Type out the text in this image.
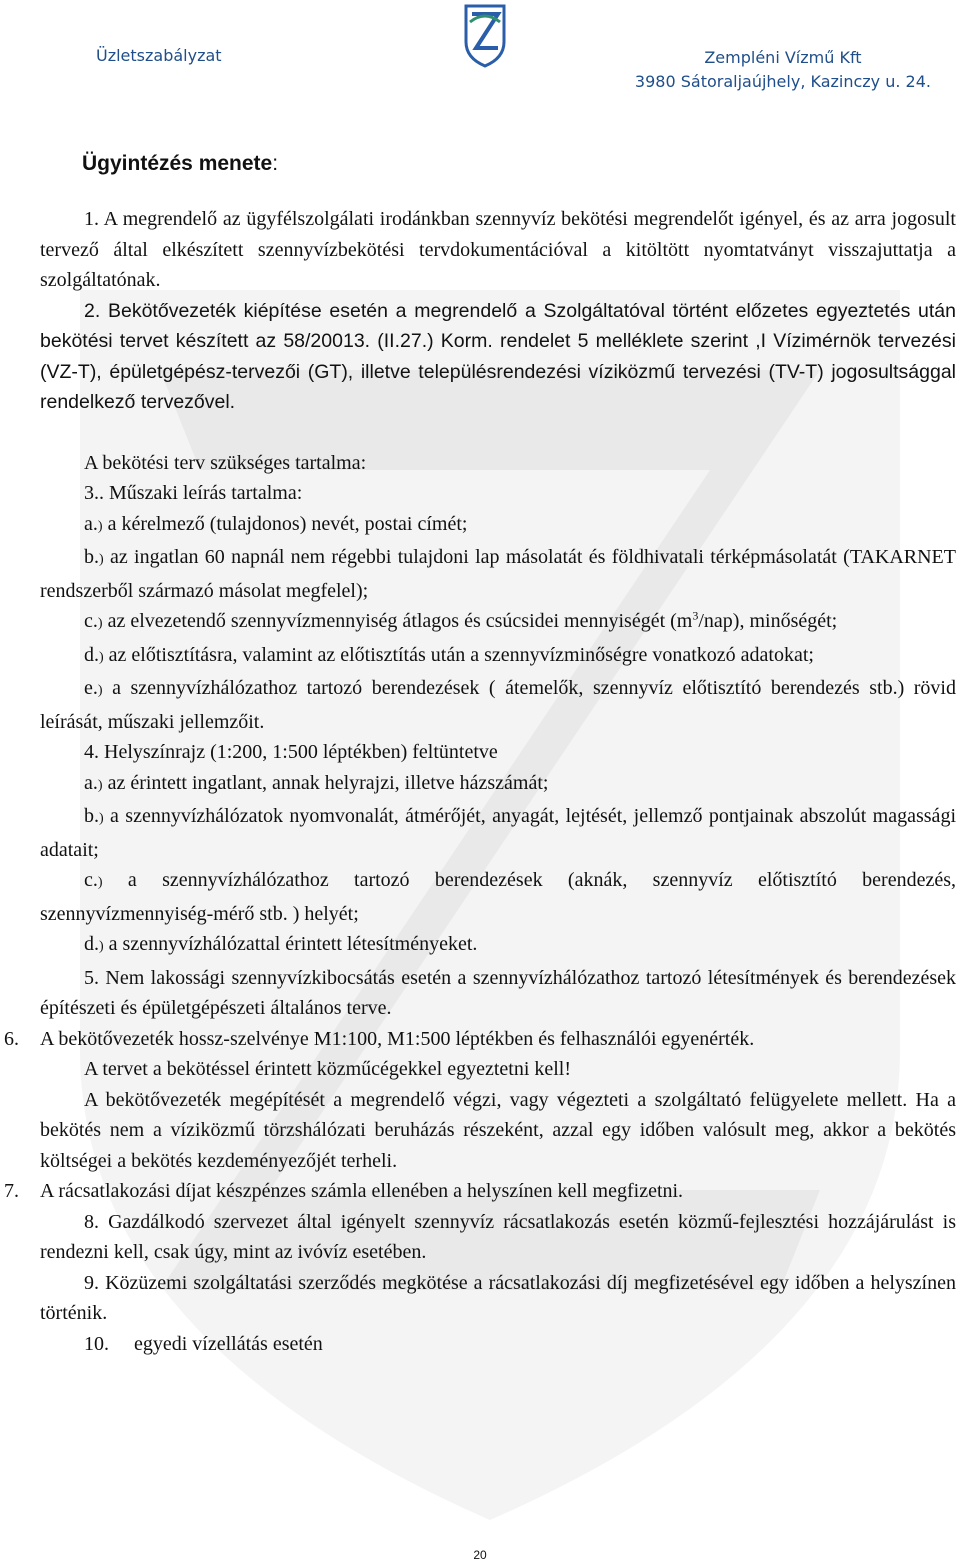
Üzletszabályzat	Zempléni Vízmű Kft
3980 Sátoraljaújhely, Kazinczy u. 24.
Ügyintézés menete:

1. A megrendelő az ügyfélszolgálati irodánkban szennyvíz bekötési megrendelőt igényel, és az arra jogosult tervező által elkészített szennyvízbekötési tervdokumentációval a kitöltött nyomtatványt visszajuttatja a szolgáltatónak.

2. Bekötővezeték kiépítése esetén a megrendelő a Szolgáltatóval történt előzetes egyeztetés után bekötési tervet készített az 58/20013. (II.27.) Korm. rendelet 5 melléklete szerint ,I Vízimérnök tervezési (VZ-T), épületgépész-tervezői (GT), illetve településrendezési víziközmű tervezési (TV-T) jogosultsággal rendelkező tervezővel.

A bekötési terv szükséges tartalma:

3.. Műszaki leírás tartalma:

a.) a kérelmező (tulajdonos) nevét, postai címét;

b.) az ingatlan 60 napnál nem régebbi tulajdoni lap másolatát és földhivatali térképmásolatát (TAKARNET rendszerből származó másolat megfelel);

c.) az elvezetendő szennyvízmennyiség átlagos és csúcsidei mennyiségét $(m^3/nap)$, minőségét;

d.) az előtisztításra, valamint az előtisztítás után a szennyvízminőségre vonatkozó adatokat;

e.) a szennyvízhálózathoz tartozó berendezések ( átemelők, szennyvíz előtisztító berendezés stb.) rövid leírását, műszaki jellemzőit.

4. Helyszínrajz (1:200, 1:500 léptékben) feltüntetve

a.) az érintett ingatlant, annak helyrajzi, illetve házszámát;

b.) a szennyvízhálózatok nyomvonalát, átmérőjét, anyagát, lejtését, jellemző pontjainak abszolút magassági adatait;

c.) a szennyvízhálózathoz tartozó berendezések (aknák, szennyvíz előtisztító berendezés, szennyvízmennyiség-mérő stb. ) helyét;

d.) a szennyvízhálózattal érintett létesítményeket.

5. Nem lakossági szennyvízkibocsátás esetén a szennyvízhálózathoz tartozó létesítmények és berendezések építészeti és épületgépészeti általános terve.

6. A bekötővezeték hossz-szelvénye M1:100, M1:500 léptékben és felhasználói egyenérték.

A tervet a bekötéssel érintett közműcégekkel egyeztetni kell!

A bekötővezeték megépítését a megrendelő végzi, vagy végezteti a szolgáltató felügyelete mellett. Ha a bekötés nem a víziközmű törzshálózati beruházás részeként, azzal egy időben valósult meg, akkor a bekötés költségei a bekötés kezdeményezőjét terheli.

7. A rácsatlakozási díjat készpénzes számla ellenében a helyszínen kell megfizetni.

8. Gazdálkodó szervezet által igényelt szennyvíz rácsatlakozás esetén közmű-fejlesztési hozzájárulást is rendezni kell, csak úgy, mint az ivóvíz esetében.

9. Közüzemi szolgáltatási szerződés megkötése a rácsatlakozási díj megfizetésével egy időben a helyszínen történik.

10.     egyedi vízellátás esetén

20
